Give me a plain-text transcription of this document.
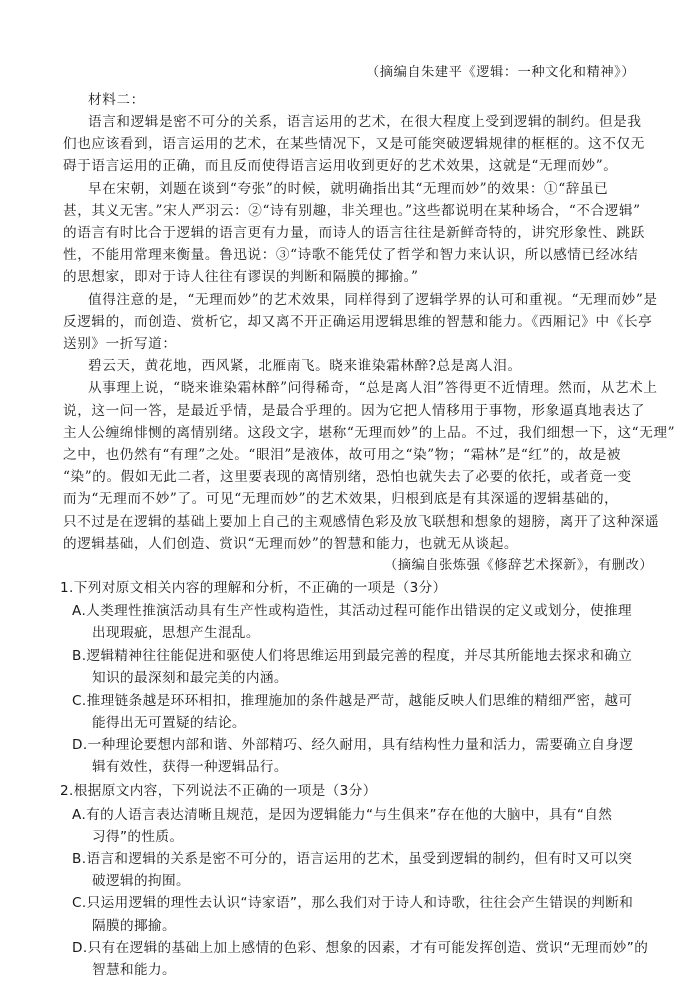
（摘编自朱建平《逻辑：一种文化和精神》）
材料二：
语言和逻辑是密不可分的关系，语言运用的艺术，在很大程度上受到逻辑的制约。但是我
们也应该看到，语言运用的艺术，在某些情况下，又是可能突破逻辑规律的框框的。这不仅无
碍于语言运用的正确，而且反而使得语言运用收到更好的艺术效果，这就是“无理而妙”。
早在宋朝，刘题在谈到“夸张”的时候，就明确指出其“无理而妙”的效果：①“辞虽已
甚，其义无害。”宋人严羽云：②“诗有别趣，非关理也。”这些都说明在某种场合，“不合逻辑”
的语言有时比合于逻辑的语言更有力量，而诗人的语言往往是新鲜奇特的，讲究形象性、跳跃
性，不能用常理来衡量。鲁迅说：③“诗歌不能凭仗了哲学和智力来认识，所以感情已经冰结
的思想家，即对于诗人往往有谬误的判断和隔膜的揶揄。”
值得注意的是，“无理而妙”的艺术效果，同样得到了逻辑学界的认可和重视。“无理而妙”是
反逻辑的，而创造、赏析它，却又离不开正确运用逻辑思维的智慧和能力。《西厢记》中《长亭
送别》一折写道：
碧云天，黄花地，西风紧，北雁南飞。晓来谁染霜林醉?总是离人泪。
从事理上说，“晓来谁染霜林醉”问得稀奇，“总是离人泪”答得更不近情理。然而，从艺术上
说，这一问一答，是最近乎情，是最合乎理的。因为它把人情移用于事物，形象逼真地表达了
主人公缠绵悱恻的离情别绪。这段文字，堪称“无理而妙”的上品。不过，我们细想一下，这“无理”
之中，也仍然有“有理”之处。“眼泪”是液体，故可用之“染”物；“霜林”是“红”的，故是被
“染”的。假如无此二者，这里要表现的离情别绪，恐怕也就失去了必要的依托，或者竟一变
而为“无理而不妙”了。可见“无理而妙”的艺术效果，归根到底是有其深遥的逻辑基础的，
只不过是在逻辑的基础上要加上自己的主观感情色彩及放飞联想和想象的翅膀，离开了这种深遥
的逻辑基础，人们创造、赏识“无理而妙”的智慧和能力，也就无从谈起。
（摘编自张炼强《修辞艺术探新》，有删改）
1.下列对原文相关内容的理解和分析，不正确的一项是（3分）
A.人类理性推演活动具有生产性或构造性，其活动过程可能作出错误的定义或划分，使推理
出现瑕疵，思想产生混乱。
B.逻辑精神往往能促进和驱使人们将思维运用到最完善的程度，并尽其所能地去探求和确立
知识的最深刻和最完美的内涵。
C.推理链条越是环环相扣，推理施加的条件越是严苛，越能反映人们思维的精细严密，越可
能得出无可置疑的结论。
D.一种理论要想内部和谐、外部精巧、经久耐用，具有结构性力量和活力，需要确立自身逻
辑有效性，获得一种逻辑品行。
2.根据原文内容，下列说法不正确的一项是（3分）
A.有的人语言表达清晰且规范，是因为逻辑能力“与生俱来”存在他的大脑中，具有“自然
习得”的性质。
B.语言和逻辑的关系是密不可分的，语言运用的艺术，虽受到逻辑的制约，但有时又可以突
破逻辑的拘囿。
C.只运用逻辑的理性去认识“诗家语”，那么我们对于诗人和诗歌，往往会产生错误的判断和
隔膜的揶揄。
D.只有在逻辑的基础上加上感情的色彩、想象的因素，才有可能发挥创造、赏识“无理而妙”的
智慧和能力。
